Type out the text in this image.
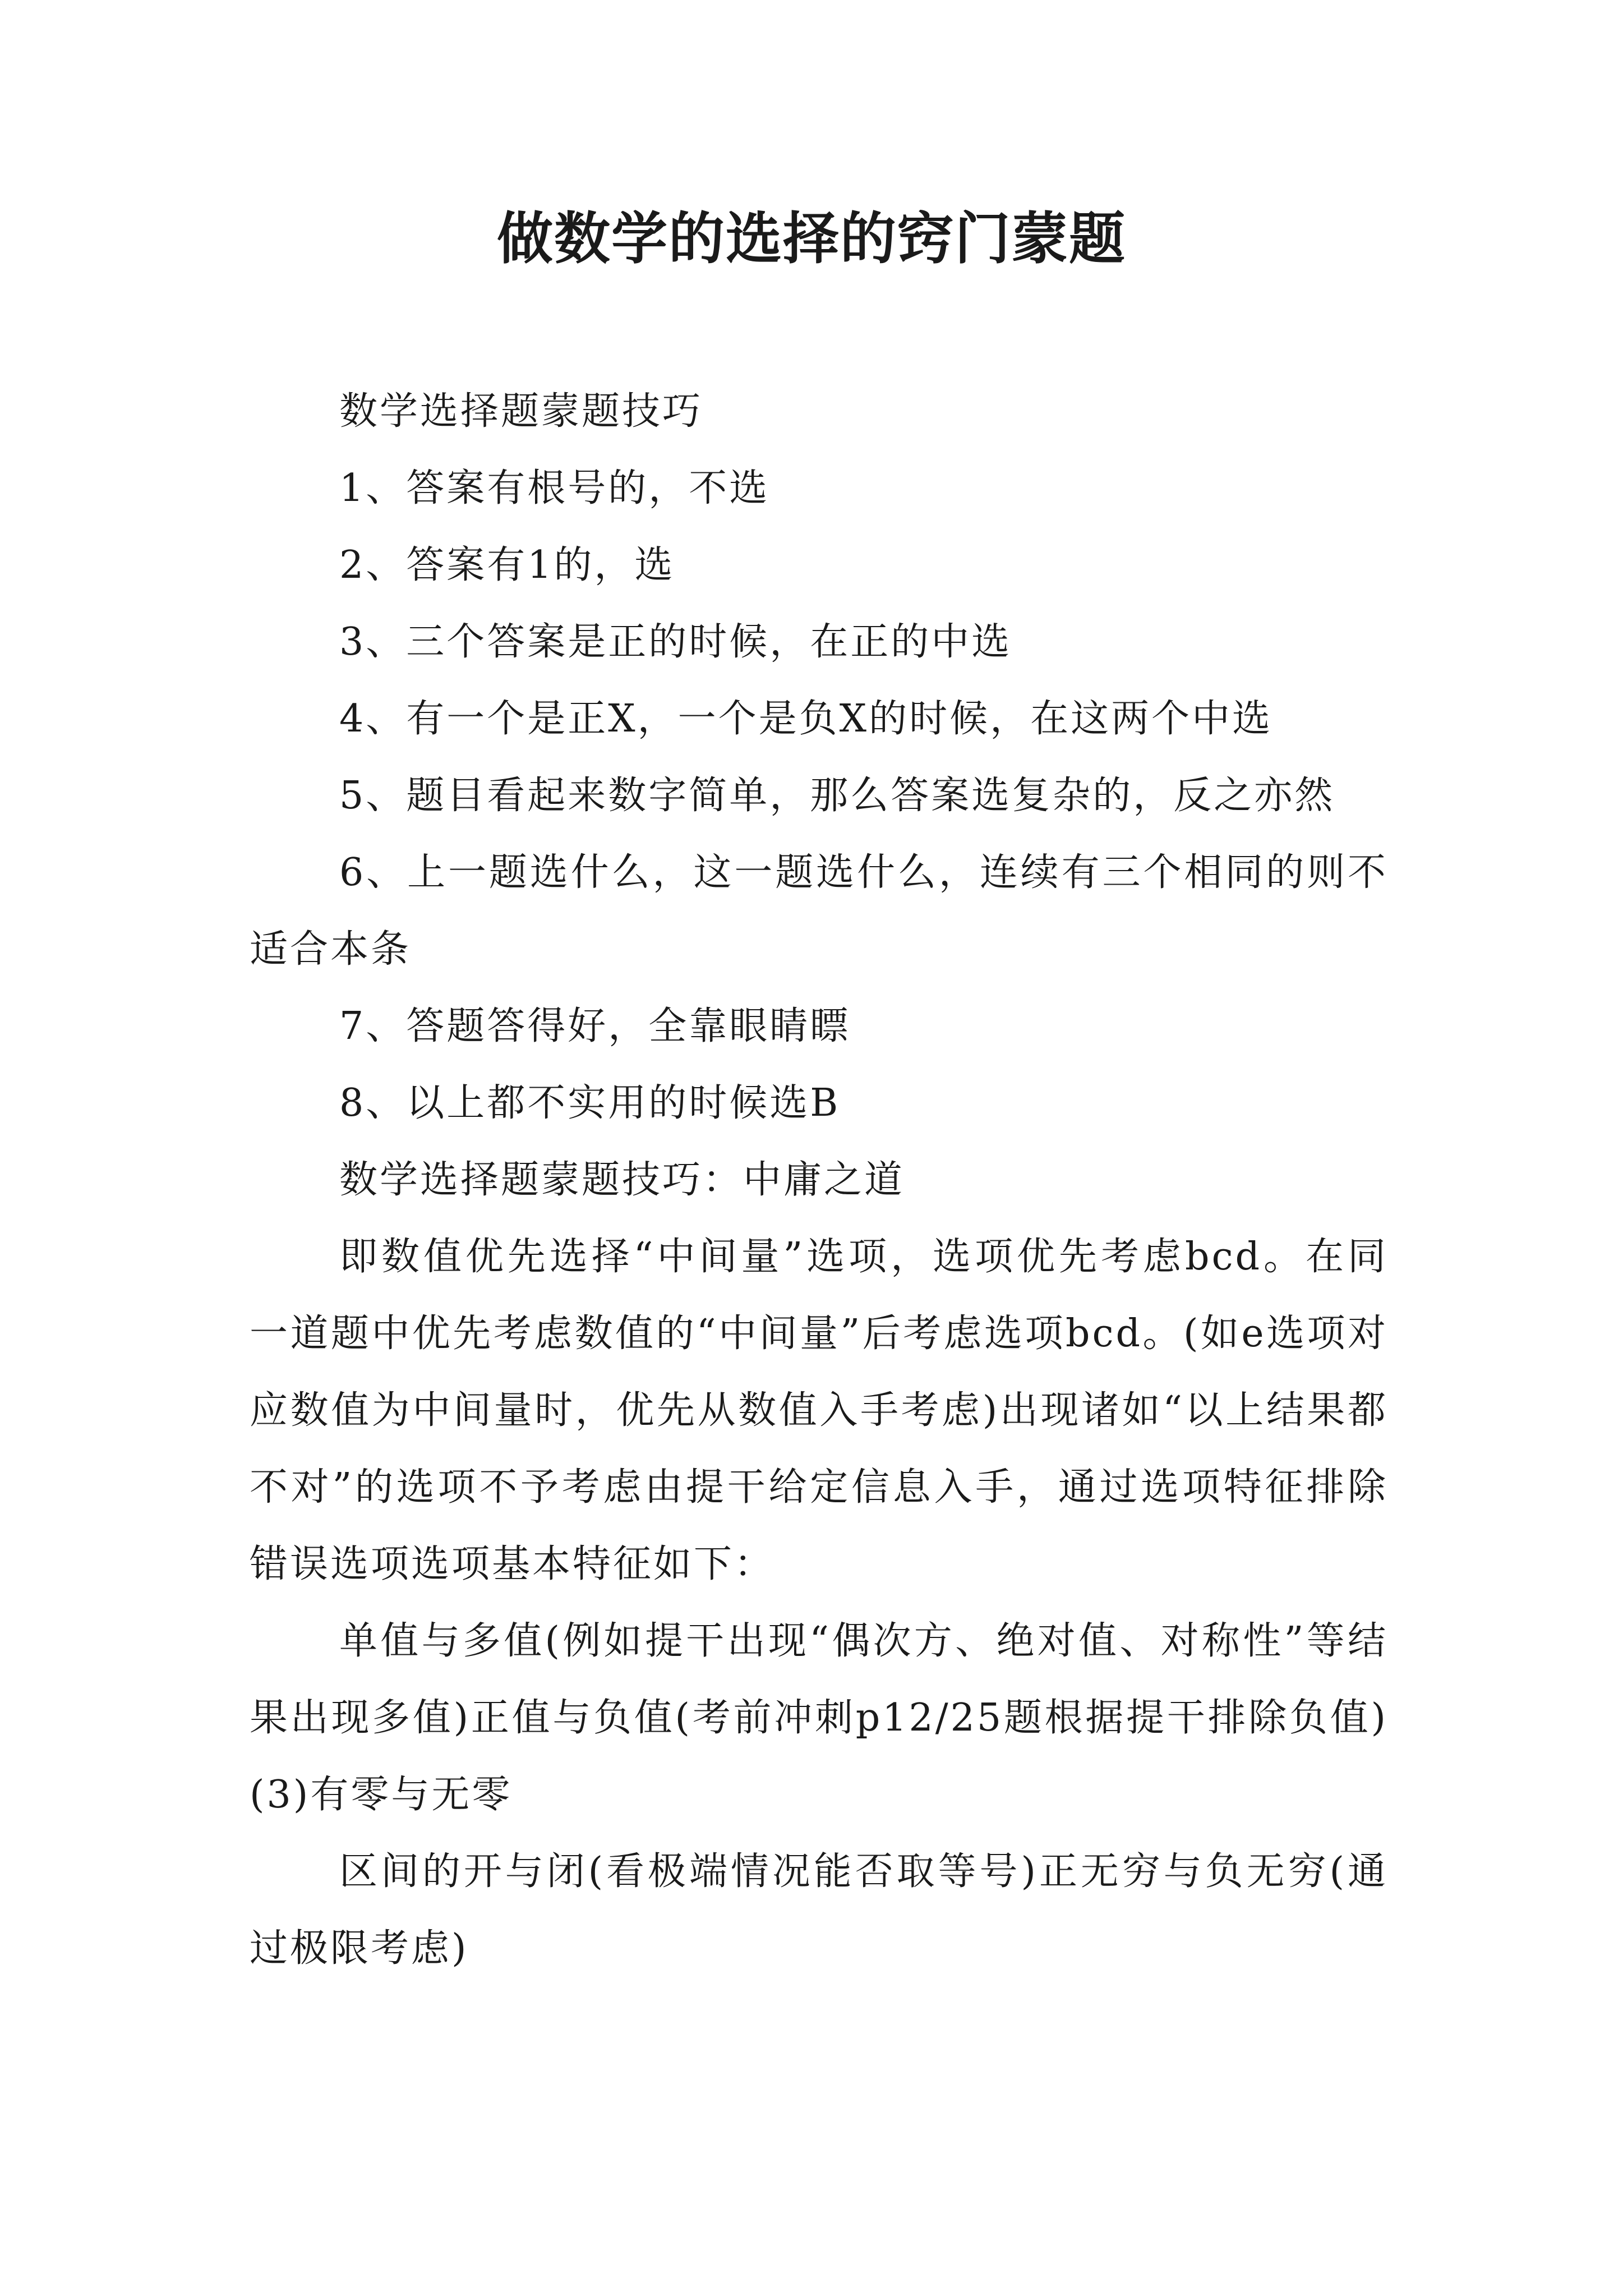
做数学的选择的窍门蒙题

数学选择题蒙题技巧

1、答案有根号的，不选

2、答案有1的，选

3、三个答案是正的时候，在正的中选

4、有一个是正X，一个是负X的时候，在这两个中选

5、题目看起来数字简单，那么答案选复杂的，反之亦然

6、上一题选什么，这一题选什么，连续有三个相同的则不适合本条

7、答题答得好，全靠眼睛瞟

8、以上都不实用的时候选B

数学选择题蒙题技巧：中庸之道

即数值优先选择“中间量”选项，选项优先考虑bcd。在同一道题中优先考虑数值的“中间量”后考虑选项bcd。(如e选项对应数值为中间量时，优先从数值入手考虑)出现诸如“以上结果都不对”的选项不予考虑由提干给定信息入手，通过选项特征排除错误选项选项基本特征如下：

单值与多值(例如提干出现“偶次方、绝对值、对称性”等结果出现多值)正值与负值(考前冲刺p12/25题根据提干排除负值)(3)有零与无零

区间的开与闭(看极端情况能否取等号)正无穷与负无穷(通过极限考虑)
